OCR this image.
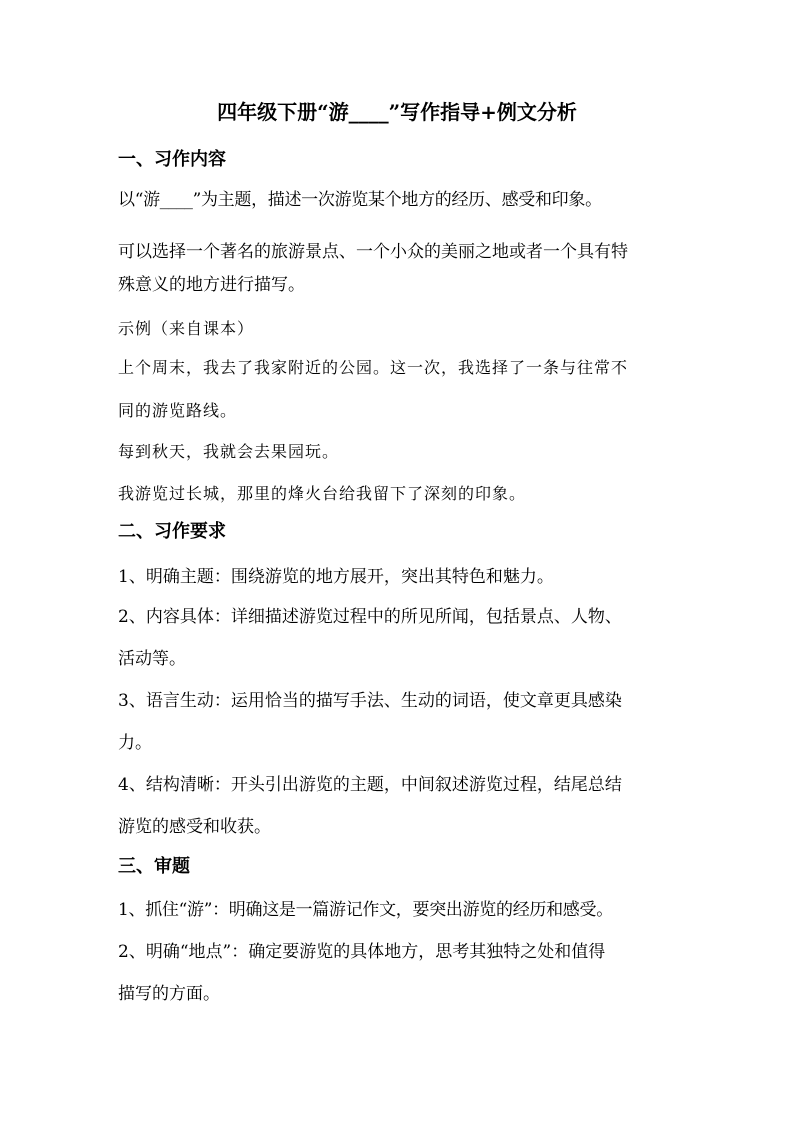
四年级下册“游____”写作指导+例文分析
一、习作内容
以“游____”为主题，描述一次游览某个地方的经历、感受和印象。
可以选择一个著名的旅游景点、一个小众的美丽之地或者一个具有特
殊意义的地方进行描写。
示例（来自课本）
上个周末，我去了我家附近的公园。这一次，我选择了一条与往常不
同的游览路线。
每到秋天，我就会去果园玩。
我游览过长城，那里的烽火台给我留下了深刻的印象。
二、习作要求
1、明确主题：围绕游览的地方展开，突出其特色和魅力。
2、内容具体：详细描述游览过程中的所见所闻，包括景点、人物、
活动等。
3、语言生动：运用恰当的描写手法、生动的词语，使文章更具感染
力。
4、结构清晰：开头引出游览的主题，中间叙述游览过程，结尾总结
游览的感受和收获。
三、审题
1、抓住“游”：明确这是一篇游记作文，要突出游览的经历和感受。
2、明确“地点”：确定要游览的具体地方，思考其独特之处和值得
描写的方面。
